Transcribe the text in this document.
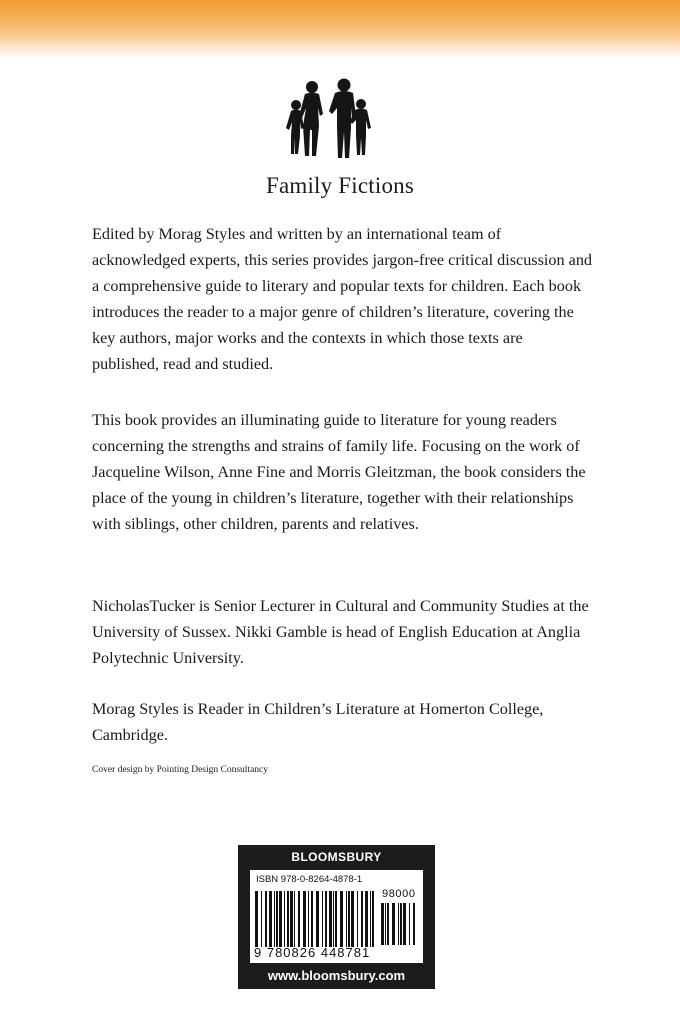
Family Fictions

Edited by Morag Styles and written by an international team of acknowledged experts, this series provides jargon-free critical discussion and a comprehensive guide to literary and popular texts for children. Each book introduces the reader to a major genre of children’s literature, covering the key authors, major works and the contexts in which those texts are published, read and studied.

This book provides an illuminating guide to literature for young readers concerning the strengths and strains of family life. Focusing on the work of Jacqueline Wilson, Anne Fine and Morris Gleitzman, the book considers the place of the young in children’s literature, together with their relationships with siblings, other children, parents and relatives.

NicholasTucker is Senior Lecturer in Cultural and Community Studies at the University of Sussex. Nikki Gamble is head of English Education at Anglia Polytechnic University.

Morag Styles is Reader in Children’s Literature at Homerton College, Cambridge.

Cover design by Pointing Design Consultancy
BLOOMSBURY
ISBN 978-0-8264-4878-1
98000
9 780826 448781
www.bloomsbury.com
